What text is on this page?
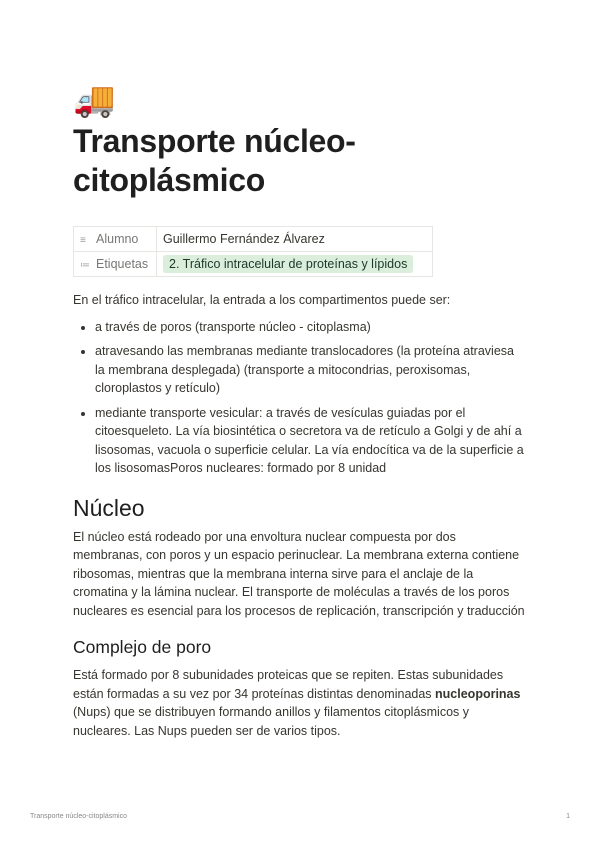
🚚
Transporte núcleo-citoplásmico
≡ Alumno	Guillermo Fernández Álvarez
≔ Etiquetas	2. Tráfico intracelular de proteínas y lípidos

En el tráfico intracelular, la entrada a los compartimentos puede ser:

• a través de poros (transporte núcleo - citoplasma)
• atravesando las membranas mediante translocadores (la proteína atraviesa la membrana desplegada) (transporte a mitocondrias, peroxisomas, cloroplastos y retículo)
• mediante transporte vesicular: a través de vesículas guiadas por el citoesqueleto. La vía biosintética o secretora va de retículo a Golgi y de ahí a lisosomas, vacuola o superficie celular. La vía endocítica va de la superficie a los lisosomasPoros nucleares: formado por 8 unidad
Núcleo

El núcleo está rodeado por una envoltura nuclear compuesta por dos membranas, con poros y un espacio perinuclear. La membrana externa contiene ribosomas, mientras que la membrana interna sirve para el anclaje de la cromatina y la lámina nuclear. El transporte de moléculas a través de los poros nucleares es esencial para los procesos de replicación, transcripción y traducción

Complejo de poro

Está formado por 8 subunidades proteicas que se repiten. Estas subunidades están formadas a su vez por 34 proteínas distintas denominadas nucleoporinas (Nups) que se distribuyen formando anillos y filamentos citoplásmicos y nucleares. Las Nups pueden ser de varios tipos.

Transporte núcleo-citoplásmico	1
